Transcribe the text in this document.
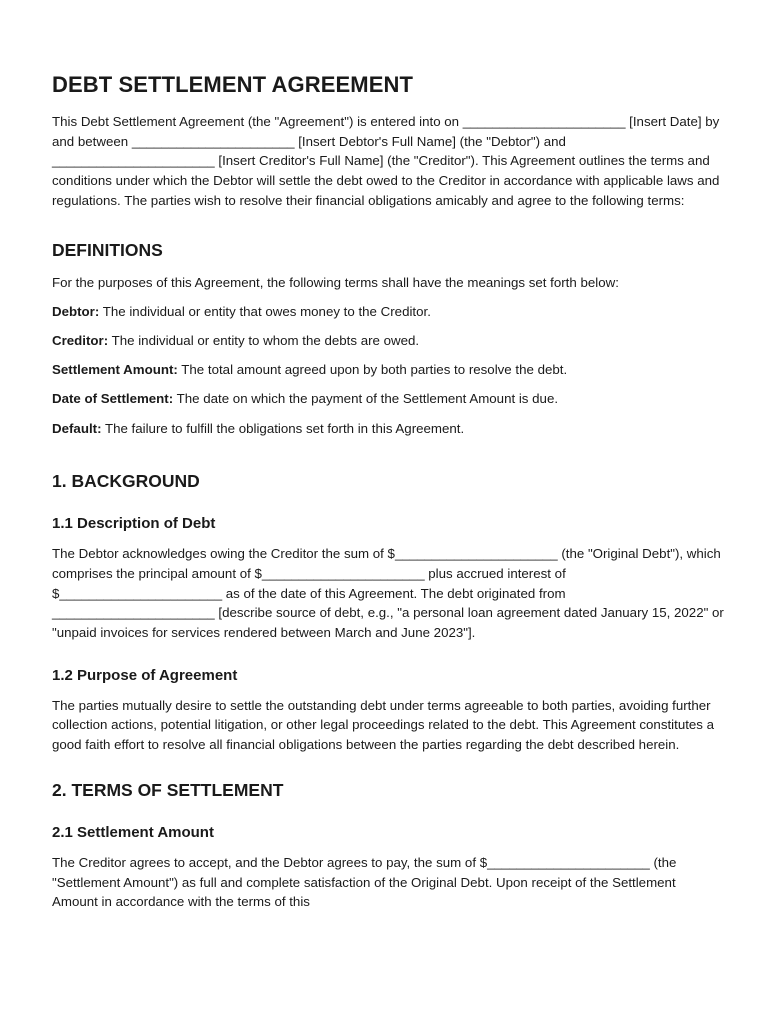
DEBT SETTLEMENT AGREEMENT

This Debt Settlement Agreement (the "Agreement") is entered into on ______________________ [Insert Date] by and between ______________________ [Insert Debtor's Full Name] (the "Debtor") and ______________________ [Insert Creditor's Full Name] (the "Creditor"). This Agreement outlines the terms and conditions under which the Debtor will settle the debt owed to the Creditor in accordance with applicable laws and regulations. The parties wish to resolve their financial obligations amicably and agree to the following terms:

DEFINITIONS

For the purposes of this Agreement, the following terms shall have the meanings set forth below:

Debtor: The individual or entity that owes money to the Creditor.

Creditor: The individual or entity to whom the debts are owed.

Settlement Amount: The total amount agreed upon by both parties to resolve the debt.

Date of Settlement: The date on which the payment of the Settlement Amount is due.

Default: The failure to fulfill the obligations set forth in this Agreement.

1. BACKGROUND
1.1 Description of Debt

The Debtor acknowledges owing the Creditor the sum of $______________________ (the "Original Debt"), which comprises the principal amount of $______________________ plus accrued interest of $______________________ as of the date of this Agreement. The debt originated from ______________________ [describe source of debt, e.g., "a personal loan agreement dated January 15, 2022" or "unpaid invoices for services rendered between March and June 2023"].

1.2 Purpose of Agreement

The parties mutually desire to settle the outstanding debt under terms agreeable to both parties, avoiding further collection actions, potential litigation, or other legal proceedings related to the debt. This Agreement constitutes a good faith effort to resolve all financial obligations between the parties regarding the debt described herein.

2. TERMS OF SETTLEMENT
2.1 Settlement Amount

The Creditor agrees to accept, and the Debtor agrees to pay, the sum of $______________________ (the "Settlement Amount") as full and complete satisfaction of the Original Debt. Upon receipt of the Settlement Amount in accordance with the terms of this
